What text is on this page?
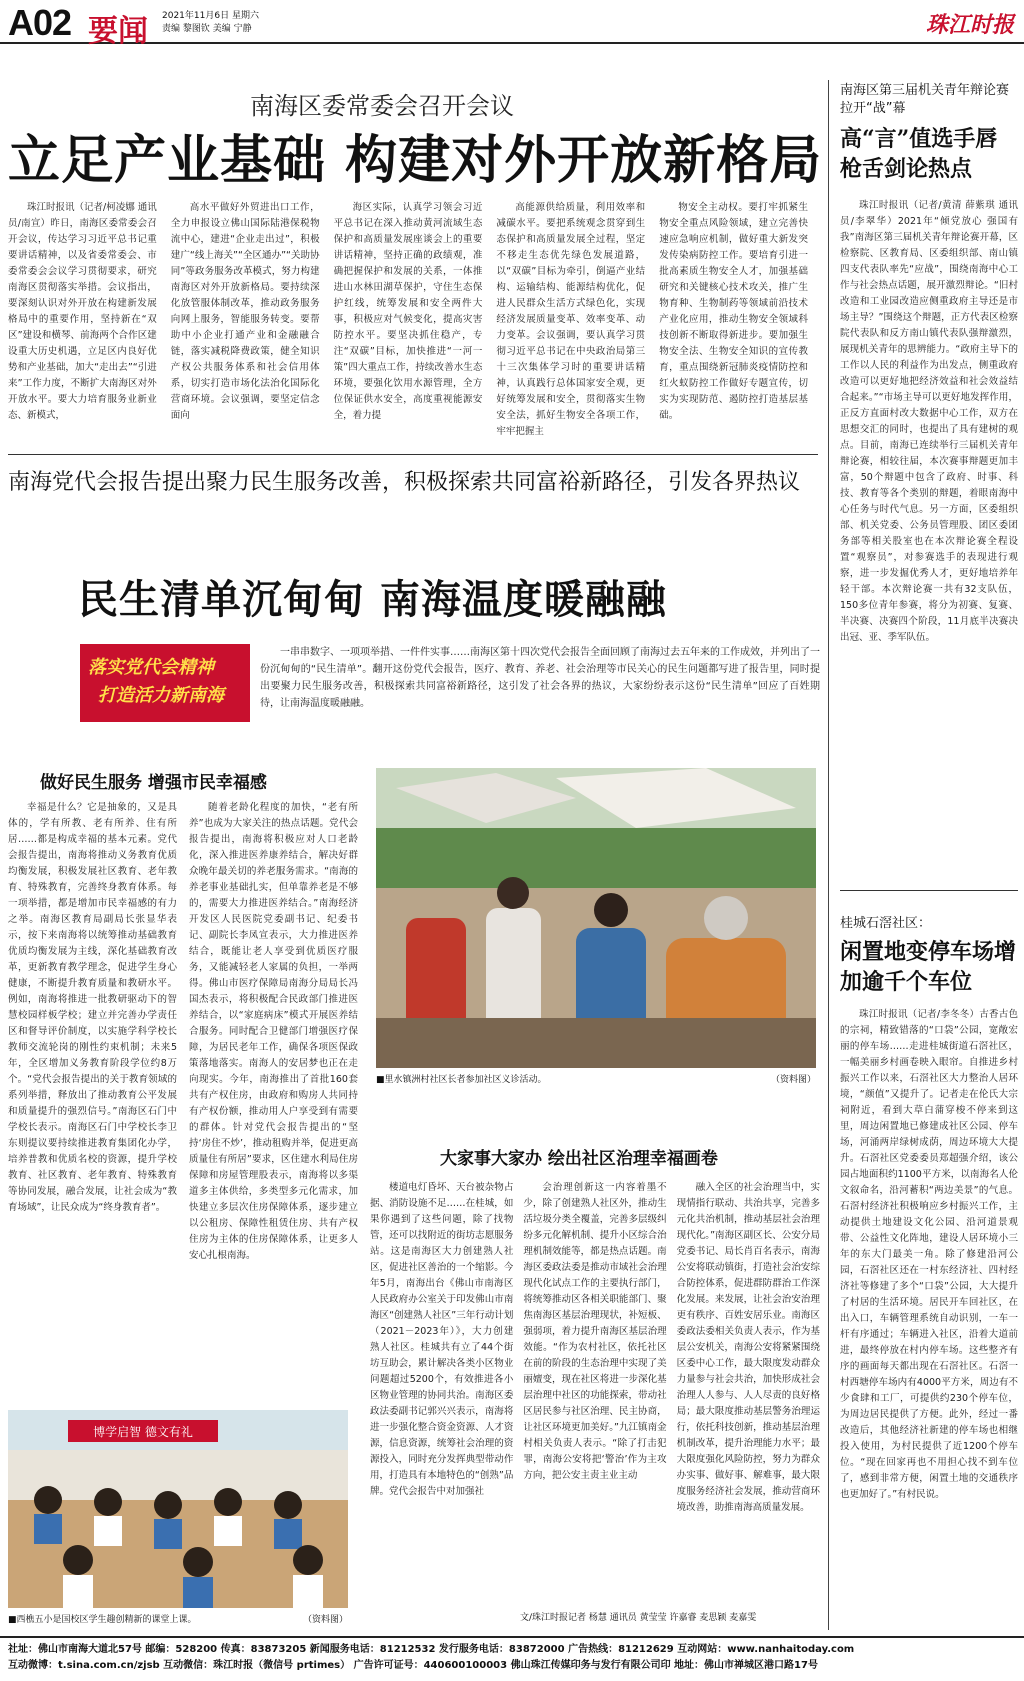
A02 要闻 2021年11月6日 星期六
责编 黎图钦 美编 宁静	珠江时报
南海区委常委会召开会议
立足产业基础 构建对外开放新格局

珠江时报讯（记者/柯凌娜 通讯员/南宣）昨日，南海区委常委会召开会议，传达学习习近平总书记重要讲话精神，以及省委常委会、市委常委会会议学习贯彻要求，研究南海区贯彻落实举措。会议指出，要深刻认识对外开放在构建新发展格局中的重要作用，坚持新在“双区”建设和横琴、前海两个合作区建设重大历史机遇，立足区内良好优势和产业基础，加大“走出去”“引进来”工作力度，不断扩大南海区对外开放水平。要大力培育服务业新业态、新模式，

高水平做好外贸进出口工作，全力申报设立佛山国际陆港保税物流中心，建进“企业走出过”，积极建广“线上海关”“全区通办”“关助协同”等政务服务改革模式，努力构建南海区对外开放新格局。要持续深化放管服体制改革，推动政务服务向网上服务，智能服务转变。要帮助中小企业打通产业和金融融合链，落实减税降费政策，健全知识产权公共服务体系和社会信用体系，切实打造市场化法治化国际化营商环境。会议强调，要坚定信念面向

海区实际，认真学习领会习近平总书记在深入推动黄河流域生态保护和高质量发展座谈会上的重要讲话精神，坚持正确的政绩观，准确把握保护和发展的关系，一体推进山水林田湖草保护，守住生态保护红线，统筹发展和安全两件大事，积极应对气候变化，提高灾害防控水平。要坚决抓住稳产，专注“双碳”目标，加快推进“一河一策”四大重点工作，持续改善水生态环境，要强化饮用水源管理，全方位保证供水安全，高度重视能源安全，着力提

高能源供给质量，利用效率和减碳水平。要把系统观念贯穿到生态保护和高质量发展全过程，坚定不移走生态优先绿色发展道路，以“双碳”目标为牵引，倒逼产业结构、运输结构、能源结构优化，促进人民群众生活方式绿色化，实现经济发展质量变革、效率变革、动力变革。会议强调，要认真学习贯彻习近平总书记在中央政治局第三十三次集体学习时的重要讲话精神，认真践行总体国家安全观，更好统筹发展和安全，贯彻落实生物安全法，抓好生物安全各项工作，牢牢把握主

物安全主动权。要打牢抓紧生物安全重点风险领域，建立完善快速应急响应机制，做好重大新发突发传染病防控工作。要培育引进一批高素质生物安全人才，加强基础研究和关键核心技术攻关，推广生物育种、生物制药等领域前沿技术产业化应用，推动生物安全领域科技创新不断取得新进步。要加强生物安全法、生物安全知识的宣传教育，重点围绕新冠肺炎疫情防控和红火蚁防控工作做好专题宣传，切实为实现防范、遏防控打造基层基础。

南海区第三届机关青年辩论赛拉开“战”幕
高“言”值选手唇枪舌剑论热点

珠江时报讯（记者/黄清 薛紫琪 通讯员/李翠华）2021年“倾党放心 强国有我”南海区第三届机关青年辩论赛开幕，区检察院、区教育局、区委组织部、南山镇四支代表队率先“应战”，围绕南海中心工作与社会热点话题，展开激烈辩论。“旧村改造和工业园改造应侧重政府主导还是市场主导？”围绕这个辩题，正方代表区检察院代表队和反方南山镇代表队强辩激烈，展现机关青年的思辨能力。“政府主导下的工作以人民的利益作为出发点，侧重政府改造可以更好地把经济效益和社会效益结合起来。”“市场主导可以更好地发挥作用，正反方直面村改大数据中心工作，双方在思想交汇的同时，也提出了具有建树的观点。目前，南海已连续举行三届机关青年辩论赛，相较往届，本次赛事辩题更加丰富，50个辩题中包含了政府、时事、科技、教育等各个类别的辩题，着眼南海中心任务与时代气息。另一方面，区委组织部、机关党委、公务员管理股、团区委团务部等相关股室也在本次辩论赛全程设置“观察员”，对参赛选手的表现进行观察，进一步发掘优秀人才，更好地培养年轻干部。本次辩论赛一共有32支队伍，150多位青年参赛，将分为初赛、复赛、半决赛、决赛四个阶段，11月底半决赛决出冠、亚、季军队伍。

南海党代会报告提出聚力民生服务改善，积极探索共同富裕新路径，引发各界热议
民生清单沉甸甸 南海温度暖融融
落实党代会精神
打造活力新南海

一串串数字、一项项举措、一件件实事……南海区第十四次党代会报告全面回顾了南海过去五年来的工作成效，并列出了一份沉甸甸的“民生清单”。翻开这份党代会报告，医疗、教育、养老、社会治理等市民关心的民生问题都写进了报告里，同时提出要聚力民生服务改善，积极探索共同富裕新路径，这引发了社会各界的热议，大家纷纷表示这份“民生清单”回应了百姓期待，让南海温度暖融融。

做好民生服务 增强市民幸福感

幸福是什么？它是抽象的，又是具体的，学有所教、老有所养、住有所居……都是构成幸福的基本元素。党代会报告提出，南海将推动义务教育优质均衡发展，积极发展社区教育、老年教育、特殊教育，完善终身教育体系。每一项举措，都是增加市民幸福感的有力之举。南海区教育局副局长张显华表示，按下来南海将以统筹推动基础教育优质均衡发展为主线，深化基础教育改革，更新教育教学理念，促进学生身心健康，不断提升教育质量和教研水平。例如，南海将推进一批教研驱动下的智慧校园样板学校；建立并完善办学责任区和督导评价制度，以实施学科学校长教师交流轮岗的刚性约束机制；未来5年，全区增加义务教育阶段学位约8万个。“党代会报告提出的关于教育领域的系列举措，释放出了推动教育公平发展和质量提升的强烈信号。”南海区石门中学校长表示。南海区石门中学校长李卫东则提议要持续推进教育集团化办学，培养普教和优质名校的资源，提升学校教育、社区教育、老年教育、特殊教育等协同发展，融合发展，让社会成为“教育场域”，让民众成为“终身教育者”。

随着老龄化程度的加快，“老有所养”也成为大家关注的热点话题。党代会报告提出，南海将积极应对人口老龄化，深入推进医养康养结合，解决好群众晚年最关切的养老服务需求。“南海的养老事业基础扎实，但单靠养老是不够的，需要大力推进医养结合。”南海经济开发区人民医院党委副书记、纪委书记、副院长李凤宣表示，大力推进医养结合，既能让老人享受到优质医疗服务，又能减轻老人家属的负担，一举两得。佛山市医疗保障局南海分局局长冯国杰表示，将积极配合民政部门推进医养结合，以“家庭病床”模式开展医养结合服务。同时配合卫健部门增强医疗保障，为居民老年工作，确保各项医保政策落地落实。南海人的安居梦也正在走向现实。今年，南海推出了首批160套共有产权住房，由政府和购房人共同持有产权份额，推动用人户享受到有需要的群体。针对党代会报告提出的“坚持‘房住不炒’，推动租购并举，促进更高质量住有所居”要求，区住建水利局住房保障和房屋管理股表示，南海将以多渠道多主体供给，多类型多元化需求，加快建立多层次住房保障体系，逐步建立以公租房、保障性租赁住房、共有产权住房为主体的住房保障体系，让更多人安心扎根南海。

■里水镇洲村社区长者参加社区义诊活动。	（资料图）
大家事大家办 绘出社区治理幸福画卷

楼道电灯昏坏、天台被杂物占据、消防设施不足……在桂城，如果你遇到了这些问题，除了找物管，还可以找附近的街坊志愿服务站。这是南海区大力创建熟人社区，促进社区善治的一个缩影。今年5月，南海出台《佛山市南海区人民政府办公室关于印发佛山市南海区“创建熟人社区”三年行动计划（2021－2023年）》，大力创建熟人社区。桂城共有立了44个街坊互助会，累计解决各类小区物业问题超过5200个，有效推进各小区物业管理的协同共治。南海区委政法委副书记郭兴兴表示，南海将进一步强化整合资金资源、人才资源，信息资源，统筹社会治理的资源投入，同时充分发挥典型带动作用，打造具有本地特色的“创熟”品牌。党代会报告中对加强社

会治理创新这一内容着墨不少，除了创建熟人社区外，推动生活垃圾分类全覆盖，完善多层级纠纷多元化解机制、提升小区综合治理机制效能等，都是热点话题。南海区委政法委是推动市域社会治理现代化试点工作的主要执行部门，将统筹推动区各相关职能部门、聚焦南海区基层治理现状，补短板、强弱项，着力提升南海区基层治理效能。“作为农村社区，依托社区在前的阶段的生态治理中实现了美丽嬗变，现在社区将进一步深化基层治理中社区的功能探索，带动社区居民参与社区治理、民主协商，让社区环境更加美好。”九江镇南金村相关负责人表示。“除了打击犯罪，南海公安将把‘警治’作为主攻方向，把公安主责主业主动

融入全区的社会治理当中，实现情指行联动、共治共享，完善多元化共治机制，推动基层社会治理现代化。”南海区副区长、公安分局党委书记、局长肖百名表示，南海公安将联动镇街，打造社会治安综合防控体系，促进群防群治工作深化发展。来发展，让社会治安治理更有秩序、百姓安居乐业。南海区委政法委相关负责人表示，作为基层公安机关，南海公安将紧紧围绕区委中心工作，最大限度发动群众力量参与社会共治，加快形成社会治理人人参与、人人尽责的良好格局；最大限度推动基层警务治理运行，依托科技创新，推动基层治理机制改革，提升治理能力水平；最大限度强化风险防控，努力为群众办实事、做好事、解难事，最大限度服务经济社会发展，推动营商环境改善，助推南海高质量发展。

文/珠江时报记者 杨慧 通讯员 黄莹莹 许嘉睿 麦思颖 麦嘉雯
博学启智 德文有礼
■西樵五小是国校区学生趣创精新的课堂上课。	（资料图）
桂城石滘社区：
闲置地变停车场增加逾千个车位

珠江时报讯（记者/李冬冬）古香古色的宗祠，精致错落的“口袋”公园，宽敞宏丽的停车场……走进桂城街道石滘社区，一幅美丽乡村画卷映入眼帘。自推进乡村振兴工作以来，石滘社区大力整治人居环境，“颜值”又提升了。记者走在伦氏大宗祠附近，看到大草白蒲穿梭不停来到这里，周边闲置地已修建成社区公园、停车场，河涌两岸绿树成荫，周边环境大大提升。石滘社区党委委员郑超强介绍，该公园占地面积约1100平方米，以南海名人伦文叙命名，沿河蓄积“两边美景”的气息。石滘村经济社积极响应乡村振兴工作，主动提供土地建设文化公园、沿河道景观带、公益性文化阵地，建设人居环境小三年的东大门最美一角。除了修建沿河公园，石滘社区还在一村东经济社、四村经济社等修建了多个“口袋”公园，大大提升了村居的生活环境。居民开车回社区，在出入口，车辆管理系统自动识别，一车一杆有序通过；车辆进入社区，沿着大道前进，最终停放在村内停车场。这些整齐有序的画面每天都出现在石滘社区。石滘一村西塘停车场内有4000平方米，周边有不少食肆和工厂，可提供约230个停车位，为周边居民提供了方便。此外，经过一番改造后，其他经济社新建的停车场也相继投入使用，为村民提供了近1200个停车位。“现在回家再也不用担心找不到车位了，感到非常方便，闲置土地的交通秩序也更加好了。”有村民说。

社址：佛山市南海大道北57号 邮编：528200 传真：83873205 新闻服务电话：81212532 发行服务电话：83872000 广告热线：81212629 互动网站：www.nanhaitoday.com
互动微博：t.sina.com.cn/zjsb 互动微信：珠江时报（微信号 prtimes） 广告许可证号：440600100003 佛山珠江传媒印务与发行有限公司印 地址：佛山市禅城区港口路17号
